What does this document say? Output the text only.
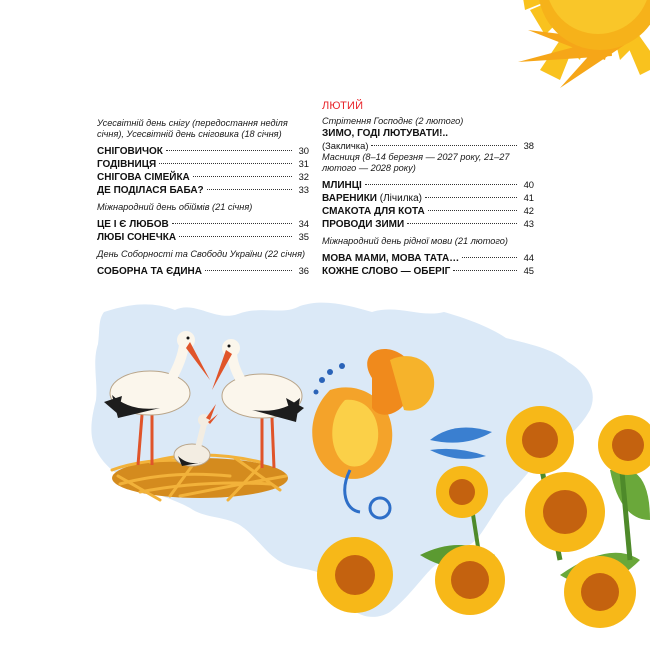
Усесвітній день снігу (передостання неділя січня), Усесвітній день сніговика (18 січня)
СНІГОВИЧОК	30
ГОДІВНИЦЯ	31
СНІГОВА СІМЕЙКА	32
ДЕ ПОДІЛАСЯ БАБА?	33
Міжнародний день обіймів (21 січня)
ЦЕ І Є ЛЮБОВ	34
ЛЮБІ СОНЕЧКА	35
День Соборності та Свободи України (22 січня)
СОБОРНА ТА ЄДИНА	36
ЛЮТИЙ
Стрітення Господнє (2 лютого)
ЗИМО, ГОДІ ЛЮТУВАТИ!..
(Закличка)	38
Масниця (8–14 березня — 2027 року, 21–27 лютого — 2028 року)
МЛИНЦІ	40
ВАРЕНИКИ (Лічилка)	41
СМАКОТА ДЛЯ КОТА	42
ПРОВОДИ ЗИМИ	43
Міжнародний день рідної мови (21 лютого)
МОВА МАМИ, МОВА ТАТА…	44
КОЖНЕ СЛОВО — ОБЕРІГ	45
